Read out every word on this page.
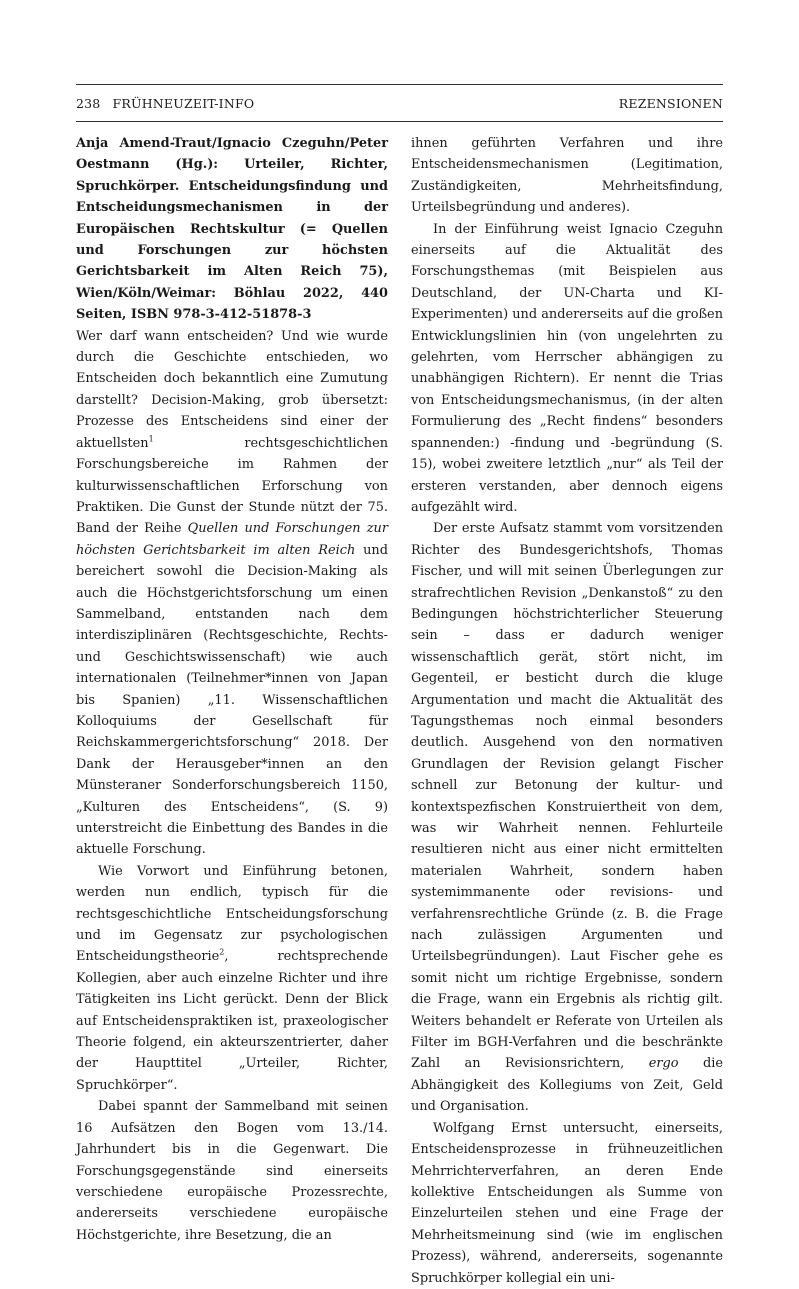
238 FRÜHNEUZEIT-INFO	REZENSIONEN

Anja Amend-Traut/Ignacio Czeguhn/Peter Oestmann (Hg.): Urteiler, Richter, Spruchkörper. Entscheidungsfindung und Entscheidungsmechanismen in der Europäischen Rechtskultur (= Quellen und Forschungen zur höchsten Gerichtsbarkeit im Alten Reich 75), Wien/Köln/Weimar: Böhlau 2022, 440 Seiten, ISBN 978-3-412-51878-3

Wer darf wann entscheiden? Und wie wurde durch die Geschichte entschieden, wo Entscheiden doch bekanntlich eine Zumutung darstellt? Decision-Making, grob übersetzt: Prozesse des Entscheidens sind einer der aktuellsten$^1$ rechtsgeschichtlichen Forschungsbereiche im Rahmen der kulturwissenschaftlichen Erforschung von Praktiken. Die Gunst der Stunde nützt der 75. Band der Reihe Quellen und Forschungen zur höchsten Gerichtsbarkeit im alten Reich und bereichert sowohl die Decision-Making als auch die Höchstgerichtsforschung um einen Sammelband, entstanden nach dem interdisziplinären (Rechtsgeschichte, Rechts- und Geschichtswissenschaft) wie auch internationalen (Teilnehmer*innen von Japan bis Spanien) „11. Wissenschaftlichen Kolloquiums der Gesellschaft für Reichskammergerichtsforschung“ 2018. Der Dank der Herausgeber*innen an den Münsteraner Sonderforschungsbereich 1150, „Kulturen des Entscheidens“, (S. 9) unterstreicht die Einbettung des Bandes in die aktuelle Forschung.

Wie Vorwort und Einführung betonen, werden nun endlich, typisch für die rechtsgeschichtliche Entscheidungsforschung und im Gegensatz zur psychologischen Entscheidungstheorie$^2$, rechtsprechende Kollegien, aber auch einzelne Richter und ihre Tätigkeiten ins Licht gerückt. Denn der Blick auf Entscheidenspraktiken ist, praxeologischer Theorie folgend, ein akteurszentrierter, daher der Haupttitel „Urteiler, Richter, Spruchkörper“.

Dabei spannt der Sammelband mit seinen 16 Aufsätzen den Bogen vom 13./14. Jahrhundert bis in die Gegenwart. Die Forschungsgegenstände sind einerseits verschiedene europäische Prozessrechte, andererseits verschiedene europäische Höchstgerichte, ihre Besetzung, die an

ihnen geführten Verfahren und ihre Entscheidensmechanismen (Legitimation, Zuständigkeiten, Mehrheitsfindung, Urteilsbegründung und anderes).

In der Einführung weist Ignacio Czeguhn einerseits auf die Aktualität des Forschungsthemas (mit Beispielen aus Deutschland, der UN-Charta und KI-Experimenten) und andererseits auf die großen Entwicklungslinien hin (von ungelehrten zu gelehrten, vom Herrscher abhängigen zu unabhängigen Richtern). Er nennt die Trias von Entscheidungsmechanismus, (in der alten Formulierung des „Recht findens“ besonders spannenden:) -findung und -begründung (S. 15), wobei zweitere letztlich „nur“ als Teil der ersteren verstanden, aber dennoch eigens aufgezählt wird.

Der erste Aufsatz stammt vom vorsitzenden Richter des Bundesgerichtshofs, Thomas Fischer, und will mit seinen Überlegungen zur strafrechtlichen Revision „Denkanstoß“ zu den Bedingungen höchstrichterlicher Steuerung sein – dass er dadurch weniger wissenschaftlich gerät, stört nicht, im Gegenteil, er besticht durch die kluge Argumentation und macht die Aktualität des Tagungsthemas noch einmal besonders deutlich. Ausgehend von den normativen Grundlagen der Revision gelangt Fischer schnell zur Betonung der kultur- und kontextspezfischen Konstruiertheit von dem, was wir Wahrheit nennen. Fehlurteile resultieren nicht aus einer nicht ermittelten materialen Wahrheit, sondern haben systemimmanente oder revisions- und verfahrensrechtliche Gründe (z. B. die Frage nach zulässigen Argumenten und Urteilsbegründungen). Laut Fischer gehe es somit nicht um richtige Ergebnisse, sondern die Frage, wann ein Ergebnis als richtig gilt. Weiters behandelt er Referate von Urteilen als Filter im BGH-Verfahren und die beschränkte Zahl an Revisionsrichtern, ergo die Abhängigkeit des Kollegiums von Zeit, Geld und Organisation.

Wolfgang Ernst untersucht, einerseits, Entscheidensprozesse in frühneuzeitlichen Mehrrichterverfahren, an deren Ende kollektive Entscheidungen als Summe von Einzelurteilen stehen und eine Frage der Mehrheitsmeinung sind (wie im englischen Prozess), während, andererseits, sogenannte Spruchkörper kollegial ein uni-
